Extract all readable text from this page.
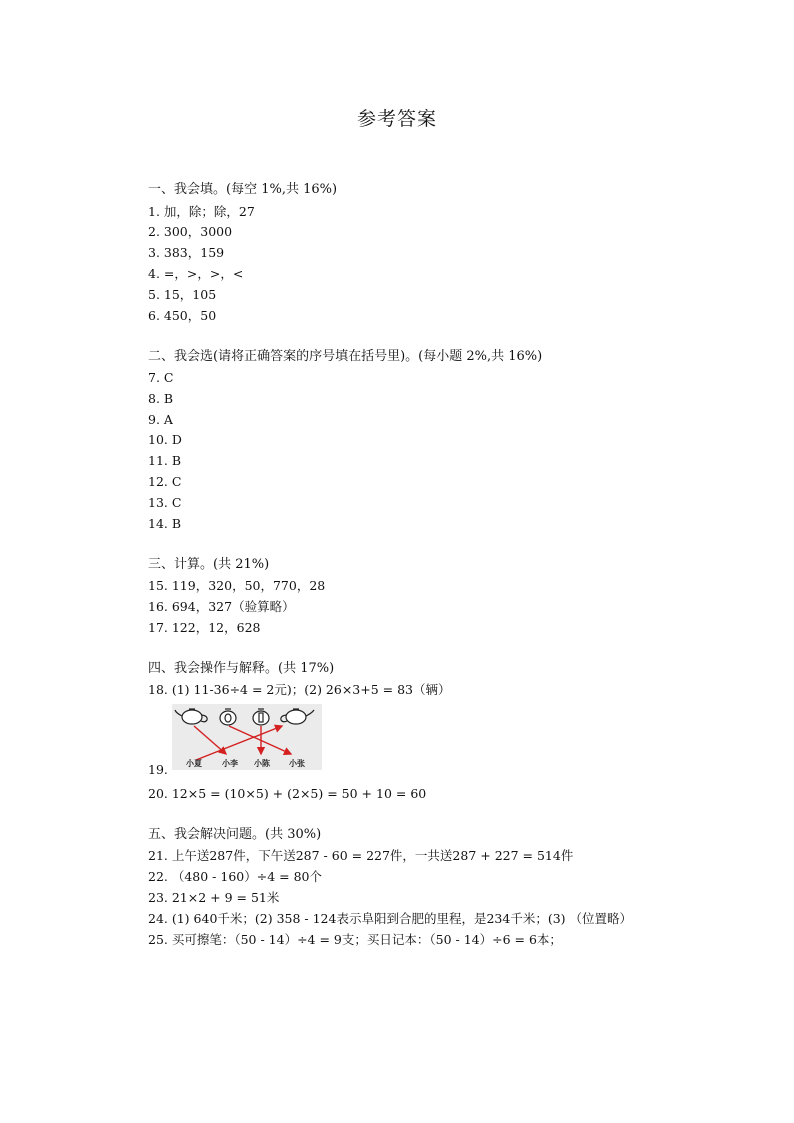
参考答案
一、我会填。(每空 1%,共 16%)
1. 加，除；除，27
2. 300，3000
3. 383，159
4. =，>，>，<
5. 15，105
6. 450，50
二、我会选(请将正确答案的序号填在括号里)。(每小题 2%,共 16%)
7. C
8. B
9. A
10. D
11. B
12. C
13. C
14. B
三、计算。(共 21%)
15. 119，320，50，770，28
16. 694，327（验算略）
17. 122，12，628
四、我会操作与解释。(共 17%)
18. (1) 11-36÷4 = 2元)；(2) 26×3+5 = 83（辆）
小夏	小李 小陈 小张
19.
20. 12×5 = (10×5) + (2×5) = 50 + 10 = 60
五、我会解决问题。(共 30%)
21. 上午送287件，下午送287 - 60 = 227件，一共送287 + 227 = 514件
22. （480 - 160）÷4 = 80个
23. 21×2 + 9 = 51米
24. (1) 640千米；(2) 358 - 124表示阜阳到合肥的里程，是234千米；(3) （位置略）
25. 买可擦笔：（50 - 14）÷4 = 9支；买日记本：（50 - 14）÷6 = 6本；
